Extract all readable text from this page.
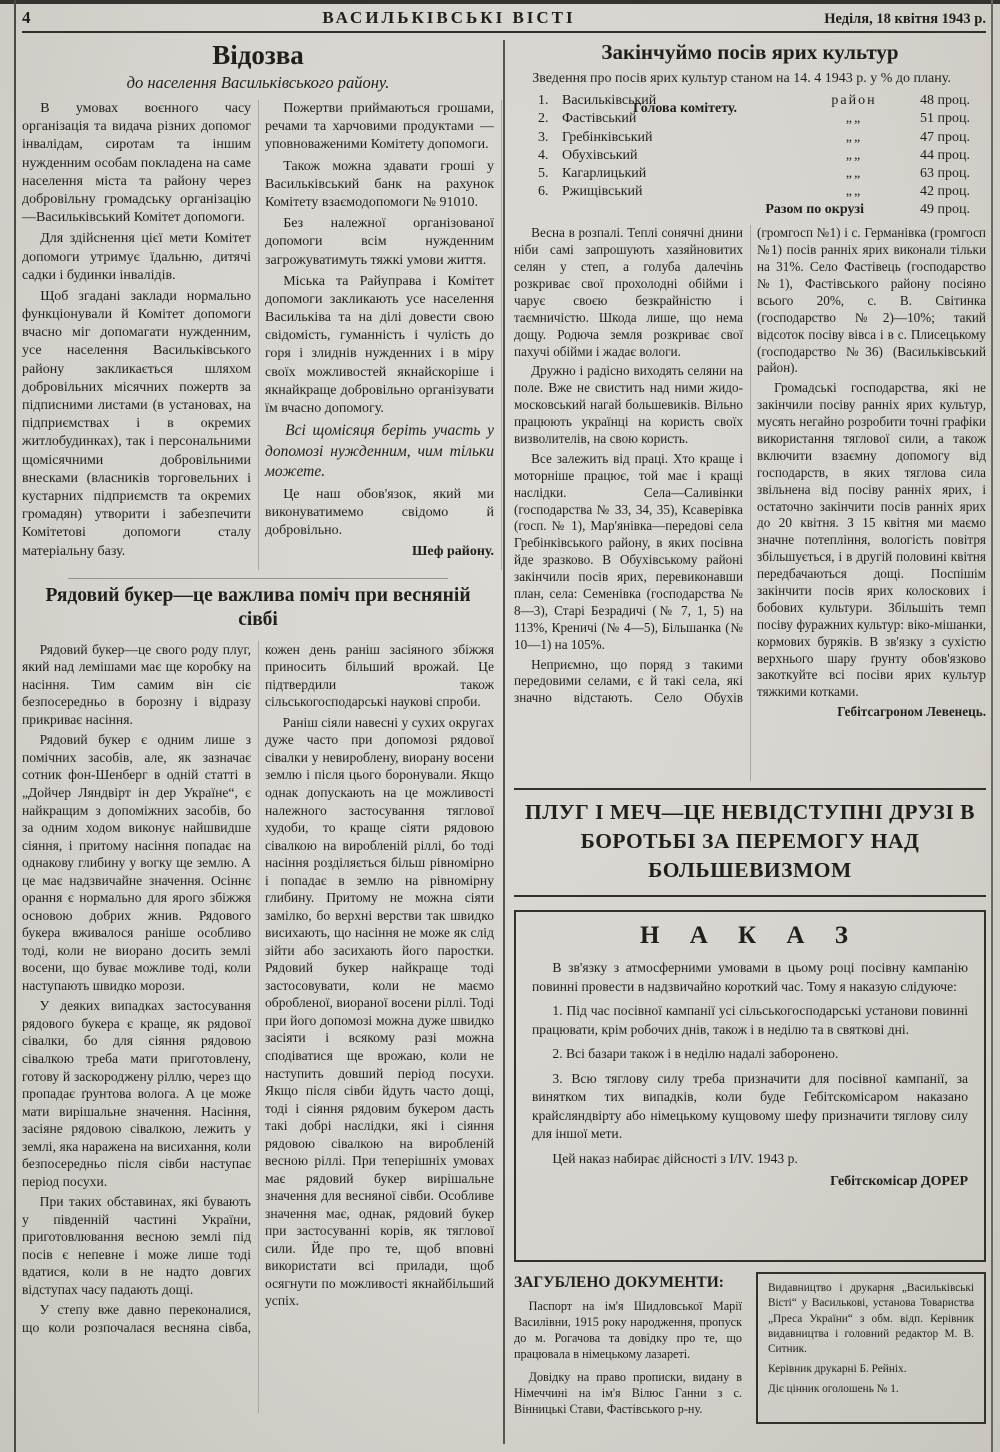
4	ВАСИЛЬКІВСЬКІ ВІСТІ	Неділя, 18 квітня 1943 р.
Відозва
до населення Васильківського району.

В умовах воєнного часу організація та видача різних допомог інвалідам, сиротам та іншим нужденним особам покладена на саме населення міста та району через добровільну громадську організацію—Васильківський Комітет допомоги.

Для здійснення цієї мети Комітет допомоги утримує їдальню, дитячі садки і будинки інвалідів.

Щоб згадані заклади нормально функціонували й Комітет допомоги вчасно міг допомагати нужденним, усе населення Васильківського району закликається шляхом добровільних місячних пожертв за підписними листами (в установах, на підприємствах і в окремих житлобудинках), так і персональними щомісячними добровільними внесками (власників торговельних і кустарних підприємств та окремих громадян) утворити і забезпечити Комітетові допомоги сталу матеріальну базу.

Пожертви приймаються грошами, речами та харчовими продуктами —уповноваженими Комітету допомоги.

Також можна здавати гроші у Васильківський банк на рахунок Комітету взаємодопомоги № 91010.

Без належної організованої допомоги всім нужденним загрожуватимуть тяжкі умови життя.

Міська та Райуправа і Комітет допомоги закликають усе населення Васильківа та на ділі довести свою свідомість, гуманність і чулість до горя і злиднів нужденних і в міру своїх можливостей якнайскоріше і якнайкраще добровільно організувати їм вчасно допомогу.

Всі щомісяця беріть участь у допомозі нужденним, чим тільки можете.

Це наш обов'язок, який ми виконуватимемо свідомо й добровільно.

Шеф району.

Голова комітету.

Рядовий букер—це важлива поміч при весняній сівбі

Рядовий букер—це свого роду плуг, який над лемішами має ще коробку на насіння. Тим самим він сіє безпосередньо в борозну і відразу прикриває насіння.

Рядовий букер є одним лише з помічних засобів, але, як зазначає сотник фон-Шенберг в одній статті в „Дойчер Ляндвірт ін дер Україне“, є найкращим з допоміжних засобів, бо за одним ходом виконує найшвидше сіяння, і притому насіння попадає на однакову глибину у вогку ще землю. А це має надзвичайне значення. Осіннє орання є нормально для ярого збіжжя основою добрих жнив. Рядового букера вживалося раніше особливо тоді, коли не виорано досить землі восени, що буває можливе тоді, коли наступають швидко морози.

У деяких випадках застосування рядового букера є краще, як рядової сівалки, бо для сіяння рядовою сівалкою треба мати приготовлену, готову й заскороджену ріллю, через що пропадає ґрунтова волога. А це може мати вирішальне значення. Насіння, засіяне рядовою сівалкою, лежить у землі, яка наражена на висихання, коли безпосередньо після сівби наступає період посухи.

При таких обставинах, які бувають у південній частині України, приготовлювання весною землі під посів є непевне і може лише тоді вдатися, коли в не надто довгих відступах часу падають дощі.

У степу вже давно переконалися, що коли розпочалася весняна сівба, кожен день раніш засіяного збіжжя приносить більший врожай. Це підтвердили також сільськогосподарські наукові спроби.

Раніш сіяли навесні у сухих округах дуже часто при допомозі рядової сівалки у невироблену, виорану восени землю і після цього боронували. Якщо однак допускають на це можливості належного застосування тяглової худоби, то краще сіяти рядовою сівалкою на виробленій ріллі, бо тоді насіння розділяється більш рівномірно і попадає в землю на рівномірну глибину. Притому не можна сіяти замілко, бо верхні верстви так швидко висихають, що насіння не може як слід зійти або засихають його паростки. Рядовий букер найкраще тоді застосовувати, коли не маємо обробленої, виораної восени ріллі. Тоді при його допомозі можна дуже швидко засіяти і всякому разі можна сподіватися ще врожаю, коли не наступить довший період посухи. Якщо після сівби йдуть часто дощі, тоді і сіяння рядовим букером дасть такі добрі наслідки, які і сіяння рядовою сівалкою на виробленій весною ріллі. При теперішніх умовах має рядовий букер вирішальне значення для весняної сівби. Особливе значення має, однак, рядовий букер при застосуванні корів, як тяглової сили. Йде про те, щоб вповні використати всі прилади, щоб осягнути по можливості якнайбільший успіх.

Закінчуймо посів ярих культур

Зведення про посів ярих культур станом на 14. 4 1943 р. у % до плану.

1. Васильківський	район	48 проц.
2. Фастівський	„„	51 проц.
3. Гребінківський	„„	47 проц.
4. Обухівський	„„	44 проц.
5. Кагарлицький	„„	63 проц.
6. Ржищівський	„„	42 проц.
Разом по окрузі	49 проц.

Весна в розпалі. Теплі сонячні днини ніби самі запрошують хазяйновитих селян у степ, а голуба далечінь розкриває свої прохолодні обійми і чарує своєю безкрайністю і таємничістю. Шкода лише, що нема дощу. Родюча земля розкриває свої пахучі обійми і жадає вологи.

Дружно і радісно виходять селяни на поле. Вже не свистить над ними жидо-московський нагай большевиків. Вільно працюють українці на користь своїх визволителів, на свою користь.

Все залежить від праці. Хто краще і моторніше працює, той має і кращі наслідки. Села—Саливінки (господарства № 33, 34, 35), Ксаверівка (госп. № 1), Мар'янівка—передові села Гребінківського району, в яких посівна йде зразково. В Обухівському районі закінчили посів ярих, перевиконавши план, села: Семенівка (господарства № 8—3), Старі Безрадичі (№ 7, 1, 5) на 113%, Креничі (№ 4—5), Більшанка (№ 10—1) на 105%.

Неприємно, що поряд з такими передовими селами, є й такі села, які значно відстають. Село Обухів (громгосп №1) і с. Германівка (громгосп №1) посів ранніх ярих виконали тільки на 31%. Село Фастівець (господарство №1), Фастівського району посіяно всього 20%, с. В. Світинка (господарство №2)—10%; такий відсоток посіву вівса і в с. Плисецькому (господарство №36) (Васильківський район).

Громадські господарства, які не закінчили посіву ранніх ярих культур, мусять негайно розробити точні графіки використання тяглової сили, а також включити взаємну допомогу від господарств, в яких тяглова сила звільнена від посіву ранніх ярих, і остаточно закінчити посів ранніх ярих до 20 квітня. З 15 квітня ми маємо значне потепління, вологість повітря збільшується, і в другій половині квітня передбачаються дощі. Поспішім закінчити посів ярих колоскових і бобових культури. Збільшіть темп посіву фуражних культур: віко-мішанки, кормових буряків. В зв'язку з сухістю верхнього шару ґрунту обов'язково закоткуйте всі посіви ярих культур тяжкими котками.

Гебітсагроном Левенець.

ПЛУГ І МЕЧ—ЦЕ НЕВІДСТУПНІ ДРУЗІ В БОРОТЬБІ ЗА ПЕРЕМОГУ НАД БОЛЬШЕВИЗМОМ
Н А К А З

В зв'язку з атмосферними умовами в цьому році посівну кампанію повинні провести в надзвичайно короткий час. Тому я наказую слідуюче:

1. Під час посівної кампанії усі сільськогосподарські установи повинні працювати, крім робочих днів, також і в неділю та в святкові дні.

2. Всі базари також і в неділю надалі заборонено.

3. Всю тяглову силу треба призначити для посівної кампанії, за винятком тих випадків, коли буде Гебітскомісаром наказано крайсляндвірту або німецькому кущовому шефу призначити тяглову силу для іншої мети.

Цей наказ набирає дійсності з I/IV. 1943 р.

Гебітскомісар ДОРЕР
ЗАГУБЛЕНО ДОКУМЕНТИ:

Паспорт на ім'я Шидловської Марії Василівни, 1915 року народження, пропуск до м. Рогачова та довідку про те, що працювала в німецькому лазареті.

Довідку на право прописки, видану в Німеччині на ім'я Вілюс Ганни з с. Вінницькі Стави, Фастівського р-ну.

Видавництво і друкарня „Васильківські Вісті“ у Василькові, установа Товариства „Преса України“ з обм. відп. Керівник видавництва і головний редактор М. В. Ситник.

Керівник друкарні Б. Рейніх.

Діє цінник оголошень № 1.
